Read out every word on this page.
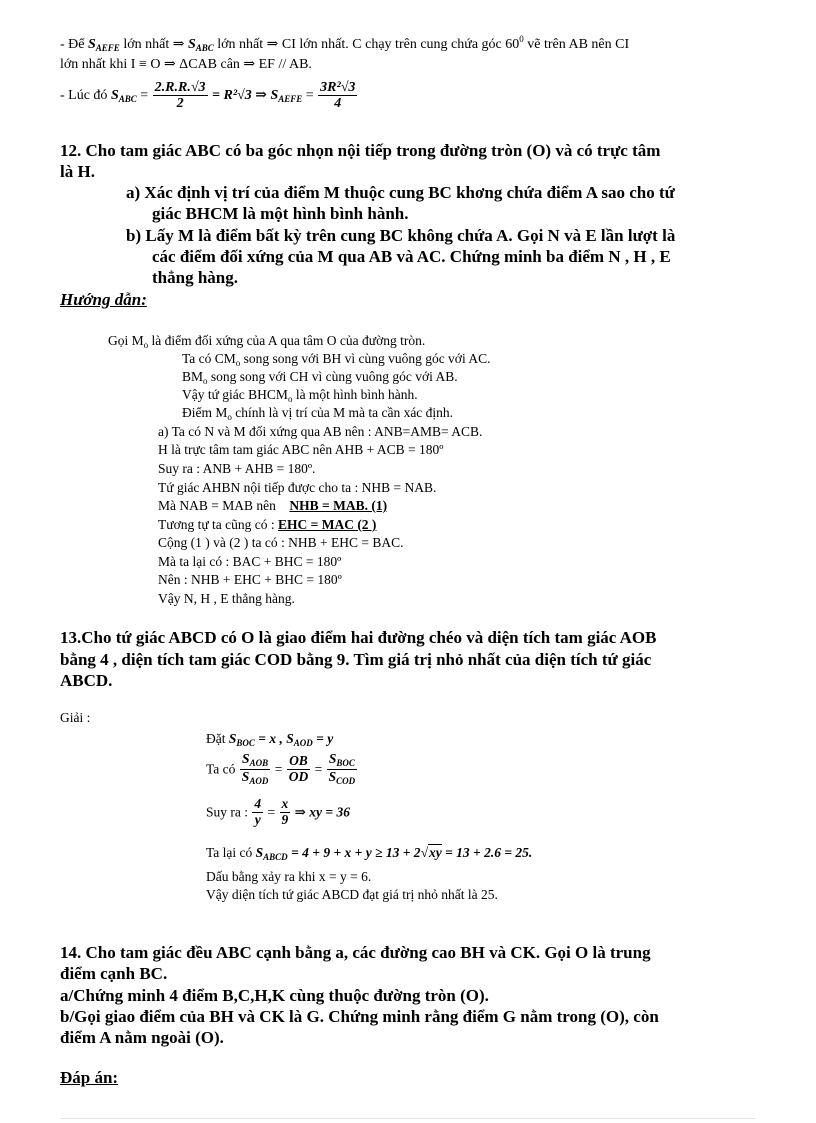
- Để $S_{AEFE}$ lớn nhất ⇒ $S_{ABC}$ lớn nhất ⇒ CI lớn nhất. C chạy trên cung chứa góc $60^0$ vẽ trên AB nên CI
lớn nhất khi I ≡ O ⇒ ΔCAB cân ⇒ EF // AB.
- Lúc đó $S_{ABC} = \frac{2.R.R.√3}{2} = R^2√3$ ⇒ $S_{AEFE} = \frac{\text{3R²√3}}{4}$
12. Cho tam giác ABC có ba góc nhọn nội tiếp trong đường tròn (O) và có trực tâm
là H.
a) Xác định vị trí của điểm M thuộc cung BC khơng chứa điểm A sao cho tứ
giác BHCM là một hình bình hành.
b) Lấy M là điểm bất kỳ trên cung BC không chứa A. Gọi N và E lần lượt là
các điểm đối xứng của M qua AB và AC. Chứng minh ba điểm N , H , E
thẳng hàng.
Hướng dẫn:
Gọi $M_o$ là điểm đối xứng của A qua tâm O của đường tròn.
Ta có $CM_o$ song song với BH vì cùng vuông góc với AC.
$BM_o$ song song với CH vì cùng vuông góc với AB.
Vậy tứ giác $BHCM_o$ là một hình bình hành.
Điểm $M_o$ chính là vị trí của M mà ta cần xác định.
a) Ta có N và M đối xứng qua AB nên : ANB=AMB= ACB.
H là trực tâm tam giác ABC nên AHB + ACB = 180º
Suy ra : ANB + AHB = 180º.
Tứ giác AHBN nội tiếp được cho ta : NHB = NAB.
Mà NAB = MAB nên NHB = MAB. (1)
Tương tự ta cũng có : EHC = MAC (2 )
Cộng (1 ) và (2 ) ta có : NHB + EHC = BAC.
Mà ta lại có : BAC + BHC = 180º
Nên : NHB + EHC + BHC = 180º
Vậy N, H , E thẳng hàng.
13.Cho tứ giác ABCD có O là giao điểm hai đường chéo và diện tích tam giác AOB
bằng 4 , diện tích tam giác COD bằng 9. Tìm giá trị nhỏ nhất của diện tích tứ giác
ABCD.
Giải :
Đặt $S_{BOC} = x$ , $S_{AOD} = y$
Ta có $\frac{S_{AOB}}{S_{AOD}} = \frac{OB}{OD} = \frac{S_{BOC}}{S_{COD}}$
Suy ra : $\frac{4}{y} = \frac{x}{9}$ ⇒ xy = 36
Ta lại có $S_{ABCD} = 4 + 9 + x + y \ge 13 + 2√xy = 13 + 2.6 = 25$.
Dấu bằng xảy ra khi x = y = 6.
Vậy diện tích tứ giác ABCD đạt giá trị nhỏ nhất là 25.
14. Cho tam giác đều ABC cạnh bằng a, các đường cao BH và CK. Gọi O là trung
điểm cạnh BC.
a/Chứng minh 4 điểm B,C,H,K cùng thuộc đường tròn (O).
b/Gọi giao điểm của BH và CK là G. Chứng minh rằng điểm G nằm trong (O), còn
điểm A nằm ngoài (O).
Đáp án:
